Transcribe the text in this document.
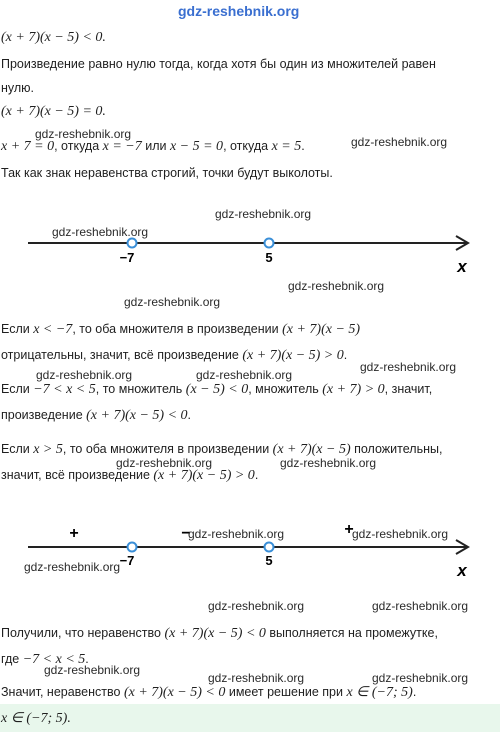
(x + 7)(x − 5) < 0.
Произведение равно нулю тогда, когда хотя бы один из множителей равен
нулю.
(x + 7)(x − 5) = 0.
x + 7 = 0, откуда x = −7 или x − 5 = 0, откуда x = 5.
Так как знак неравенства строгий, точки будут выколоты.
−7	5	x
Если x < −7, то оба множителя в произведении (x + 7)(x − 5)
отрицательны, значит, всё произведение (x + 7)(x − 5) > 0.
Если −7 < x < 5, то множитель (x − 5) < 0, множитель (x + 7) > 0, значит,
произведение (x + 7)(x − 5) < 0.
Если x > 5, то оба множителя в произведении (x + 7)(x − 5) положительны,
значит, всё произведение (x + 7)(x − 5) > 0.
+	−	+
−7	5
x
Получили, что неравенство (x + 7)(x − 5) < 0 выполняется на промежутке,
где −7 < x < 5.
Значит, неравенство (x + 7)(x − 5) < 0 имеет решение при x ∈ (−7; 5).
x ∈ (−7; 5).
gdz-reshebnik.org
gdz-reshebnik.org
gdz-reshebnik.org
gdz-reshebnik.org
gdz-reshebnik.org
gdz-reshebnik.org
gdz-reshebnik.org
gdz-reshebnik.org	gdz-reshebnik.org
gdz-reshebnik.org
gdz-reshebnik.org	gdz-reshebnik.org
gdz-reshebnik.org	gdz-reshebnik.org
gdz-reshebnik.org
gdz-reshebnik.org	gdz-reshebnik.org
gdz-reshebnik.org
gdz-reshebnik.org	gdz-reshebnik.org
